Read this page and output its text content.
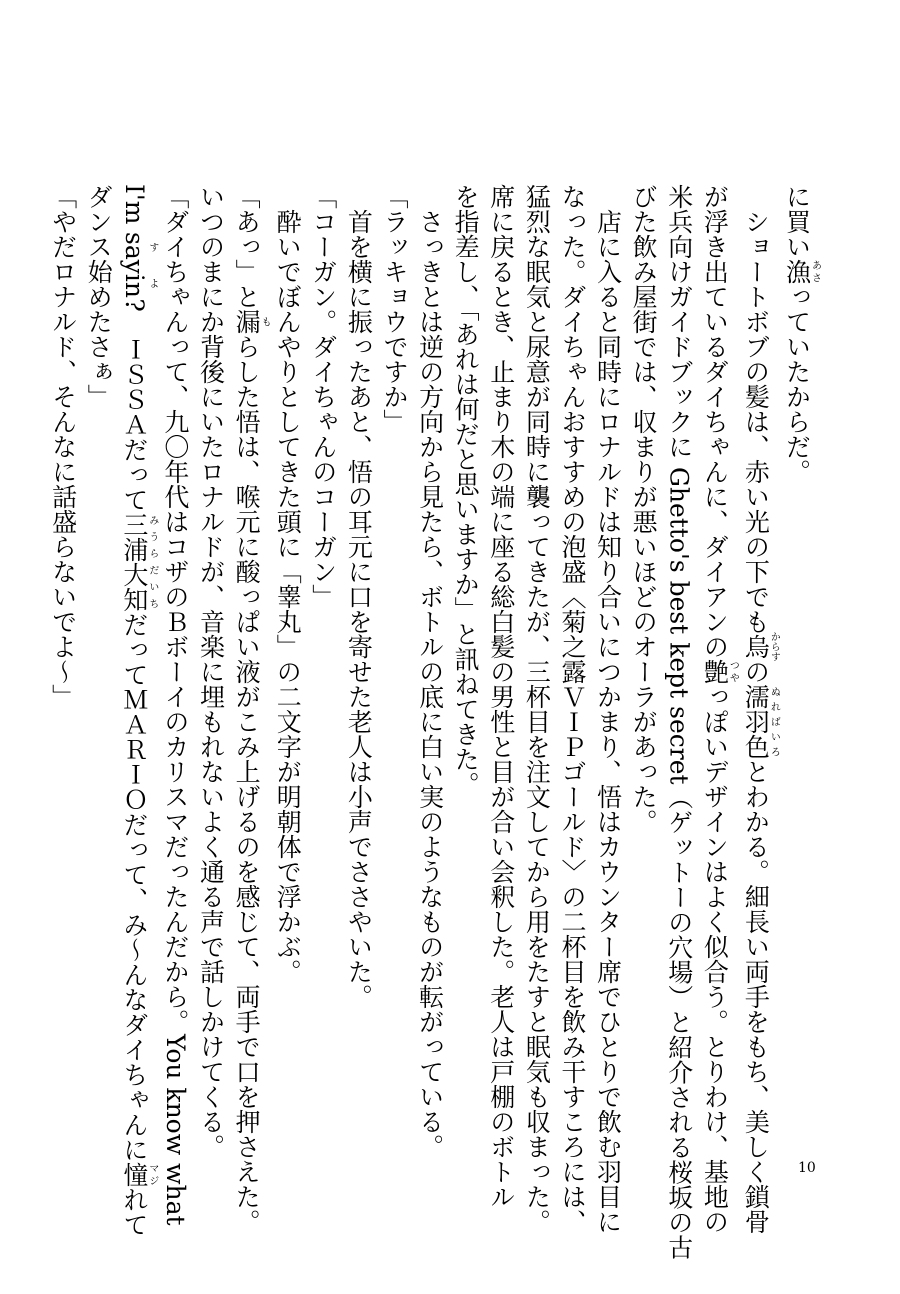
に買い漁あさっていたからだ。
　ショートボブの髪は、赤い光の下でも烏からすの濡羽色ぬればいろとわかる。細長い両手をもち、美しく鎖骨
が浮き出ているダイちゃんに、ダイアンの艶つやっぽいデザインはよく似合う。とりわけ、基地の
米兵向けガイドブックに Ghetto's best kept secret（ゲットーの穴場）と紹介される桜坂の古
びた飲み屋街では、収まりが悪いほどのオーラがあった。
　店に入ると同時にロナルドは知り合いにつかまり、悟はカウンター席でひとりで飲む羽目に
なった。ダイちゃんおすすめの泡盛〈菊之露ＶＩＰゴールド〉の二杯目を飲み干すころには、
猛烈な眠気と尿意が同時に襲ってきたが、三杯目を注文してから用をたすと眠気も収まった。
席に戻るとき、止まり木の端に座る総白髪の男性と目が合い会釈した。老人は戸棚のボトル
を指差し、「あれは何だと思いますか」と訊ねてきた。
　さっきとは逆の方向から見たら、ボトルの底に白い実のようなものが転がっている。
「ラッキョウですか」
　首を横に振ったあと、悟の耳元に口を寄せた老人は小声でささやいた。
「コーガン。ダイちゃんのコーガン」
　酔いでぼんやりとしてきた頭に「睾丸」の二文字が明朝体で浮かぶ。
「あっ」と漏もらした悟は、喉元に酸っぱい液がこみ上げるのを感じて、両手で口を押さえた。
いつのまにか背後にいたロナルドが、音楽に埋もれないよく通る声で話しかけてくる。
「ダイちゃんって、九〇年代はコザのＢボーイのカリスマだったんだから。You know what
I'm sayinすよ?　ＩＳＳＡだって三浦大知みうらだいちだってＭＡＲＩＯだって、み〜んなダイちゃんに憧マジれて
ダンス始めたさぁ」
「やだロナルド、そんなに話盛らないでよ〜」
10
